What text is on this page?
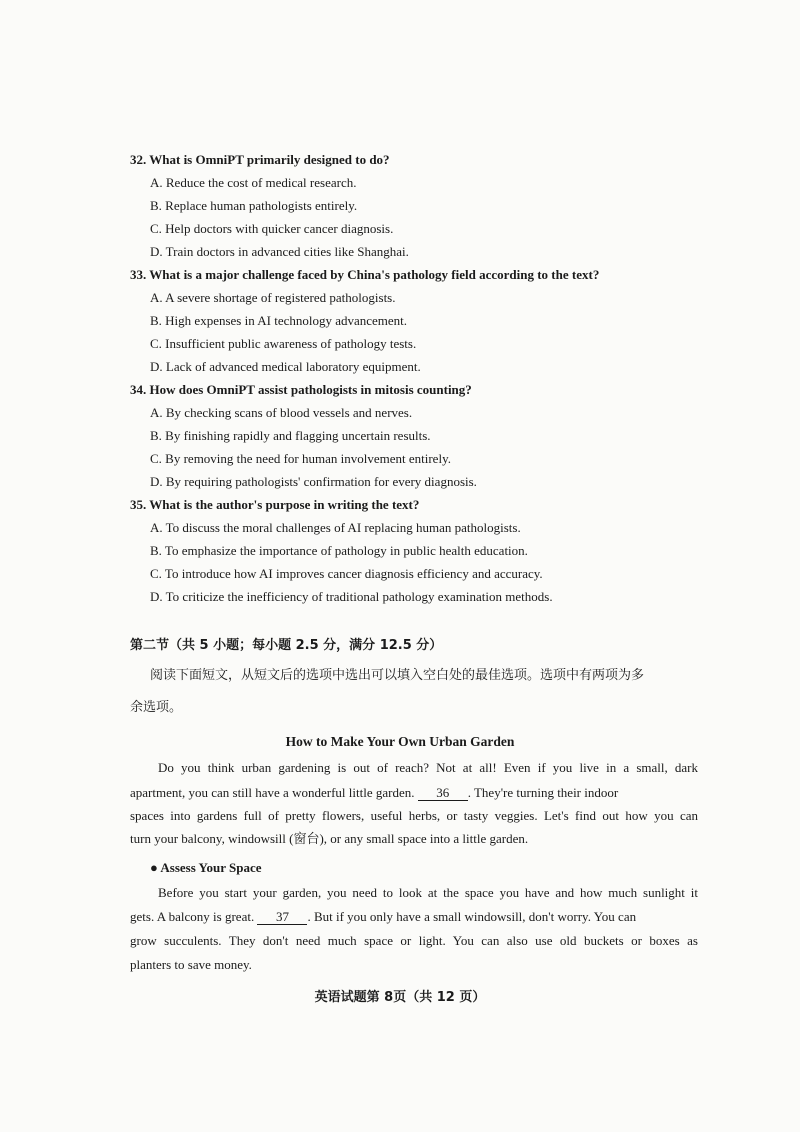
32. What is OmniPT primarily designed to do?
A. Reduce the cost of medical research.
B. Replace human pathologists entirely.
C. Help doctors with quicker cancer diagnosis.
D. Train doctors in advanced cities like Shanghai.
33. What is a major challenge faced by China's pathology field according to the text?
A. A severe shortage of registered pathologists.
B. High expenses in AI technology advancement.
C. Insufficient public awareness of pathology tests.
D. Lack of advanced medical laboratory equipment.
34. How does OmniPT assist pathologists in mitosis counting?
A. By checking scans of blood vessels and nerves.
B. By finishing rapidly and flagging uncertain results.
C. By removing the need for human involvement entirely.
D. By requiring pathologists' confirmation for every diagnosis.
35. What is the author's purpose in writing the text?
A. To discuss the moral challenges of AI replacing human pathologists.
B. To emphasize the importance of pathology in public health education.
C. To introduce how AI improves cancer diagnosis efficiency and accuracy.
D. To criticize the inefficiency of traditional pathology examination methods.
第二节（共 5 小题；每小题 2.5 分，满分 12.5 分）
阅读下面短文，从短文后的选项中选出可以填入空白处的最佳选项。选项中有两项为多
余选项。
How to Make Your Own Urban Garden
Do you think urban gardening is out of reach? Not at all! Even if you live in a small, dark
apartment, you can still have a wonderful little garden. 36 . They're turning their indoor
spaces into gardens full of pretty flowers, useful herbs, or tasty veggies. Let's find out how you can
turn your balcony, windowsill (窗台), or any small space into a little garden.
● Assess Your Space
Before you start your garden, you need to look at the space you have and how much sunlight it
gets. A balcony is great. 37 . But if you only have a small windowsill, don't worry. You can
grow succulents. They don't need much space or light. You can also use old buckets or boxes as
planters to save money.
英语试题第 8页（共 12 页）
